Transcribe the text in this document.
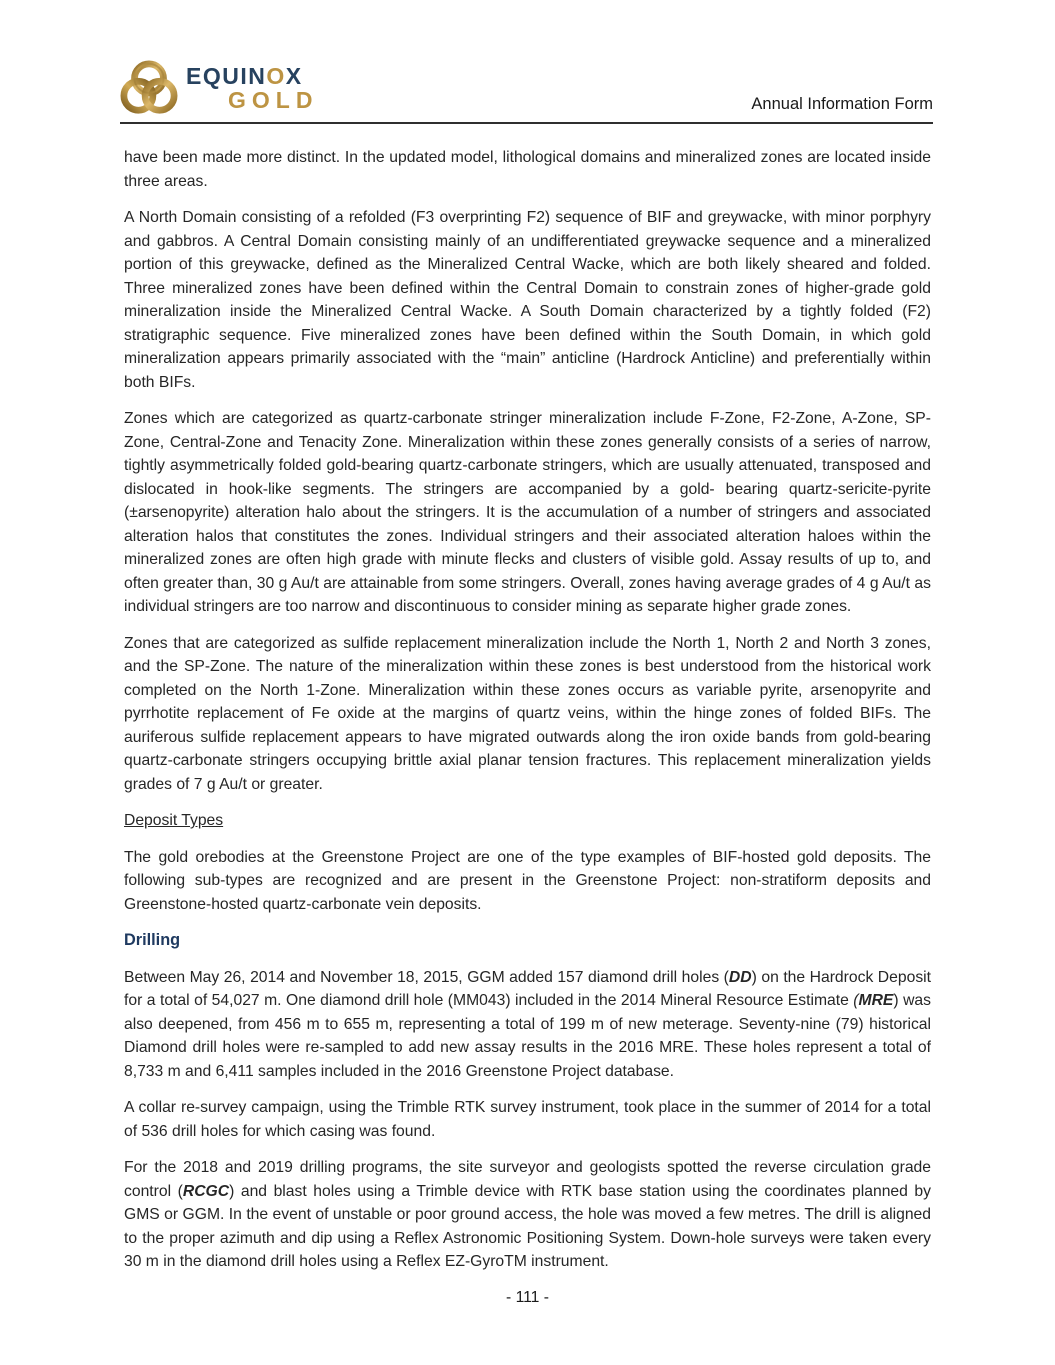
EQUINOX
GOLD	Annual Information Form

have been made more distinct. In the updated model, lithological domains and mineralized zones are located inside three areas.

A North Domain consisting of a refolded (F3 overprinting F2) sequence of BIF and greywacke, with minor porphyry and gabbros. A Central Domain consisting mainly of an undifferentiated greywacke sequence and a mineralized portion of this greywacke, defined as the Mineralized Central Wacke, which are both likely sheared and folded. Three mineralized zones have been defined within the Central Domain to constrain zones of higher-grade gold mineralization inside the Mineralized Central Wacke. A South Domain characterized by a tightly folded (F2) stratigraphic sequence. Five mineralized zones have been defined within the South Domain, in which gold mineralization appears primarily associated with the “main” anticline (Hardrock Anticline) and preferentially within both BIFs.

Zones which are categorized as quartz-carbonate stringer mineralization include F-Zone, F2-Zone, A-Zone, SP-Zone, Central-Zone and Tenacity Zone. Mineralization within these zones generally consists of a series of narrow, tightly asymmetrically folded gold-bearing quartz-carbonate stringers, which are usually attenuated, transposed and dislocated in hook-like segments. The stringers are accompanied by a gold- bearing quartz-sericite-pyrite (±arsenopyrite) alteration halo about the stringers. It is the accumulation of a number of stringers and associated alteration halos that constitutes the zones. Individual stringers and their associated alteration haloes within the mineralized zones are often high grade with minute flecks and clusters of visible gold. Assay results of up to, and often greater than, 30 g Au/t are attainable from some stringers. Overall, zones having average grades of 4 g Au/t as individual stringers are too narrow and discontinuous to consider mining as separate higher grade zones.

Zones that are categorized as sulfide replacement mineralization include the North 1, North 2 and North 3 zones, and the SP-Zone. The nature of the mineralization within these zones is best understood from the historical work completed on the North 1-Zone. Mineralization within these zones occurs as variable pyrite, arsenopyrite and pyrrhotite replacement of Fe oxide at the margins of quartz veins, within the hinge zones of folded BIFs. The auriferous sulfide replacement appears to have migrated outwards along the iron oxide bands from gold-bearing quartz-carbonate stringers occupying brittle axial planar tension fractures. This replacement mineralization yields grades of 7 g Au/t or greater.

Deposit Types

The gold orebodies at the Greenstone Project are one of the type examples of BIF-hosted gold deposits. The following sub-types are recognized and are present in the Greenstone Project: non-stratiform deposits and Greenstone-hosted quartz-carbonate vein deposits.

Drilling

Between May 26, 2014 and November 18, 2015, GGM added 157 diamond drill holes (DD) on the Hardrock Deposit for a total of 54,027 m. One diamond drill hole (MM043) included in the 2014 Mineral Resource Estimate (MRE) was also deepened, from 456 m to 655 m, representing a total of 199 m of new meterage. Seventy-nine (79) historical Diamond drill holes were re-sampled to add new assay results in the 2016 MRE. These holes represent a total of 8,733 m and 6,411 samples included in the 2016 Greenstone Project database.

A collar re-survey campaign, using the Trimble RTK survey instrument, took place in the summer of 2014 for a total of 536 drill holes for which casing was found.

For the 2018 and 2019 drilling programs, the site surveyor and geologists spotted the reverse circulation grade control (RCGC) and blast holes using a Trimble device with RTK base station using the coordinates planned by GMS or GGM. In the event of unstable or poor ground access, the hole was moved a few metres. The drill is aligned to the proper azimuth and dip using a Reflex Astronomic Positioning System. Down-hole surveys were taken every 30 m in the diamond drill holes using a Reflex EZ-GyroTM instrument.

- 111 -
